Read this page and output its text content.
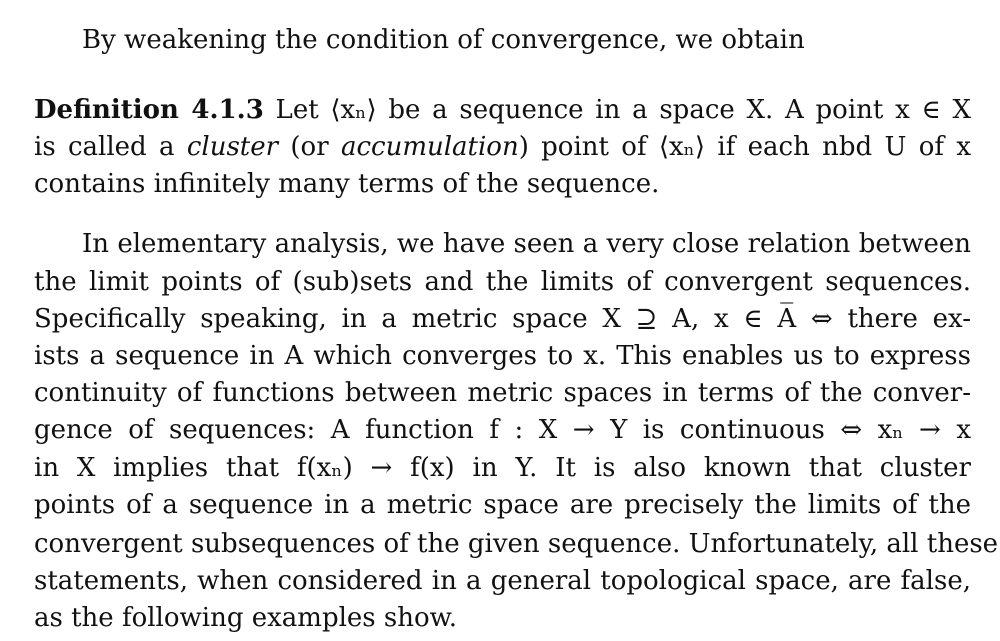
By weakening the condition of convergence, we obtain
Definition 4.1.3 Let ⟨xₙ⟩ be a sequence in a space X. A point x ∈ X
is called a cluster (or accumulation) point of ⟨xₙ⟩ if each nbd U of x
contains infinitely many terms of the sequence.
In elementary analysis, we have seen a very close relation between
the limit points of (sub)sets and the limits of convergent sequences.
Specifically speaking, in a metric space X ⊇ A, x ∈ A̅ ⇔ there ex-
ists a sequence in A which converges to x. This enables us to express
continuity of functions between metric spaces in terms of the conver-
gence of sequences: A function f : X → Y is continuous ⇔ xₙ → x
in X implies that f(xₙ) → f(x) in Y. It is also known that cluster
points of a sequence in a metric space are precisely the limits of the
convergent subsequences of the given sequence. Unfortunately, all these
statements, when considered in a general topological space, are false,
as the following examples show.
